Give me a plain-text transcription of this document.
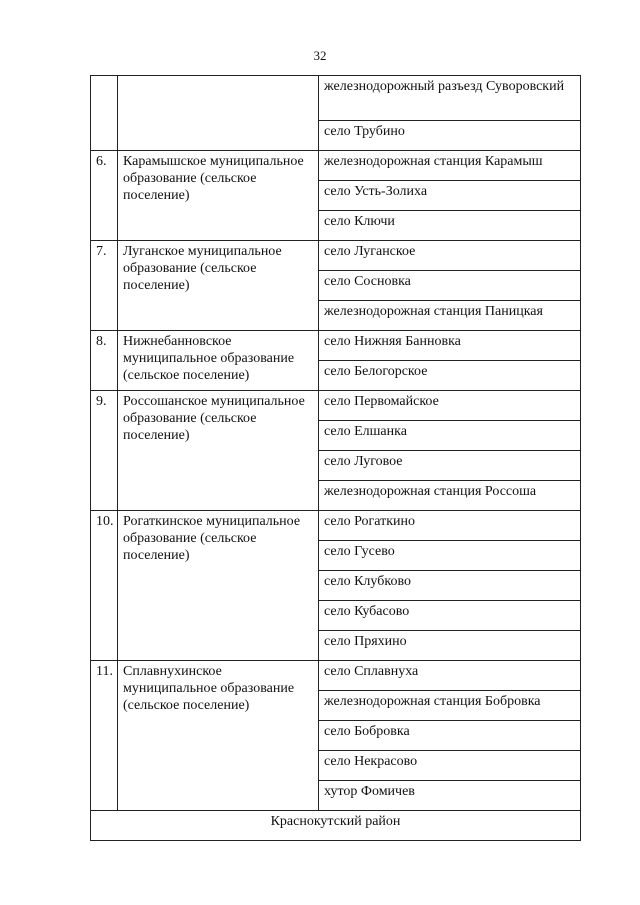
32
		железнодорожный разъезд Суворовский
		село Трубино
6.	Карамышское муниципальное образование (сельское поселение)	железнодорожная станция Карамыш
		село Усть-Золиха
		село Ключи
7.	Луганское муниципальное образование (сельское поселение)	село Луганское
		село Сосновка
		железнодорожная станция Паницкая
8.	Нижнебанновское муниципальное образование (сельское поселение)	село Нижняя Банновка
		село Белогорское
9.	Россошанское муниципальное образование (сельское поселение)	село Первомайское
		село Елшанка
		село Луговое
		железнодорожная станция Россоша
10.	Рогаткинское муниципальное образование (сельское поселение)	село Рогаткино
		село Гусево
		село Клубково
		село Кубасово
		село Пряхино
11.	Сплавнухинское муниципальное образование (сельское поселение)	село Сплавнуха
		железнодорожная станция Бобровка
		село Бобровка
		село Некрасово
		хутор Фомичев
Краснокутский район		
